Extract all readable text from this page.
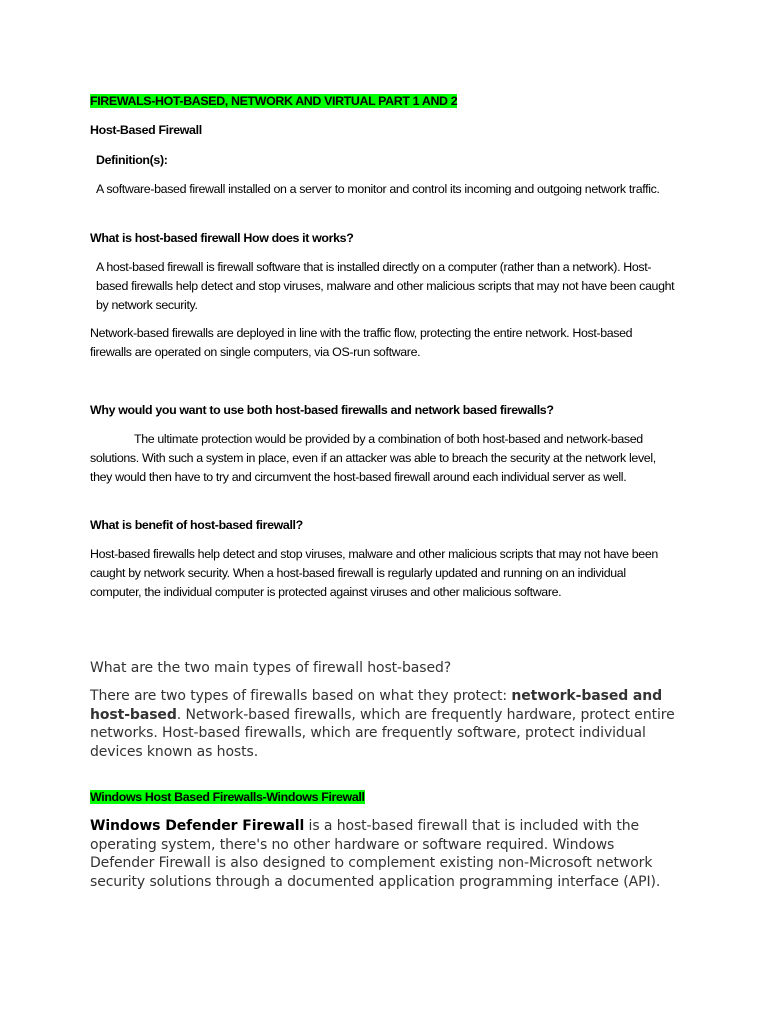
FIREWALS-HOT-BASED, NETWORK AND VIRTUAL PART 1 AND 2

Host-Based Firewall

Definition(s):

A software-based firewall installed on a server to monitor and control its incoming and outgoing network traffic.

What is host-based firewall How does it works?

A host-based firewall is firewall software that is installed directly on a computer (rather than a network). Host-based firewalls help detect and stop viruses, malware and other malicious scripts that may not have been caught by network security.

Network-based firewalls are deployed in line with the traffic flow, protecting the entire network. Host-based firewalls are operated on single computers, via OS-run software.

Why would you want to use both host-based firewalls and network based firewalls?

The ultimate protection would be provided by a combination of both host-based and network-based solutions. With such a system in place, even if an attacker was able to breach the security at the network level, they would then have to try and circumvent the host-based firewall around each individual server as well.

What is benefit of host-based firewall?

Host-based firewalls help detect and stop viruses, malware and other malicious scripts that may not have been caught by network security. When a host-based firewall is regularly updated and running on an individual computer, the individual computer is protected against viruses and other malicious software.

What are the two main types of firewall host-based?

There are two types of firewalls based on what they protect: network-based and host-based. Network-based firewalls, which are frequently hardware, protect entire networks. Host-based firewalls, which are frequently software, protect individual devices known as hosts.

Windows Host Based Firewalls-Windows Firewall

Windows Defender Firewall is a host-based firewall that is included with the operating system, there's no other hardware or software required. Windows Defender Firewall is also designed to complement existing non-Microsoft network security solutions through a documented application programming interface (API).
